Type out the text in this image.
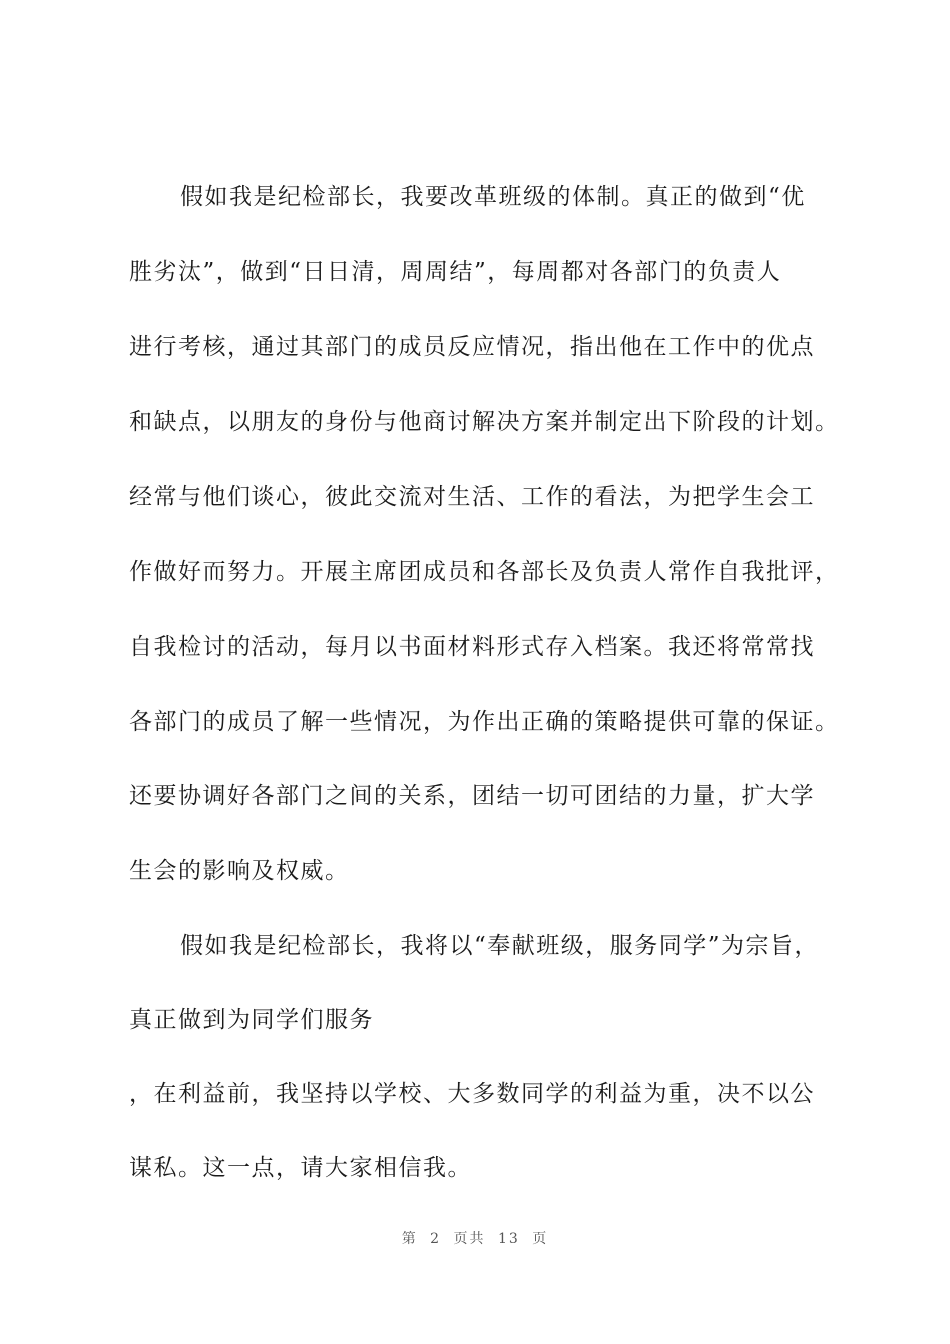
假如我是纪检部长，我要改革班级的体制。真正的做到“优
胜劣汰”，做到“日日清，周周结”，每周都对各部门的负责人
进行考核，通过其部门的成员反应情况，指出他在工作中的优点
和缺点，以朋友的身份与他商讨解决方案并制定出下阶段的计划。
经常与他们谈心，彼此交流对生活、工作的看法，为把学生会工
作做好而努力。开展主席团成员和各部长及负责人常作自我批评，
自我检讨的活动，每月以书面材料形式存入档案。我还将常常找
各部门的成员了解一些情况，为作出正确的策略提供可靠的保证。
还要协调好各部门之间的关系，团结一切可团结的力量，扩大学
生会的影响及权威。
假如我是纪检部长，我将以“奉献班级，服务同学”为宗旨，
真正做到为同学们服务
，在利益前，我坚持以学校、大多数同学的利益为重，决不以公
谋私。这一点，请大家相信我。
第 2 页共 13 页
